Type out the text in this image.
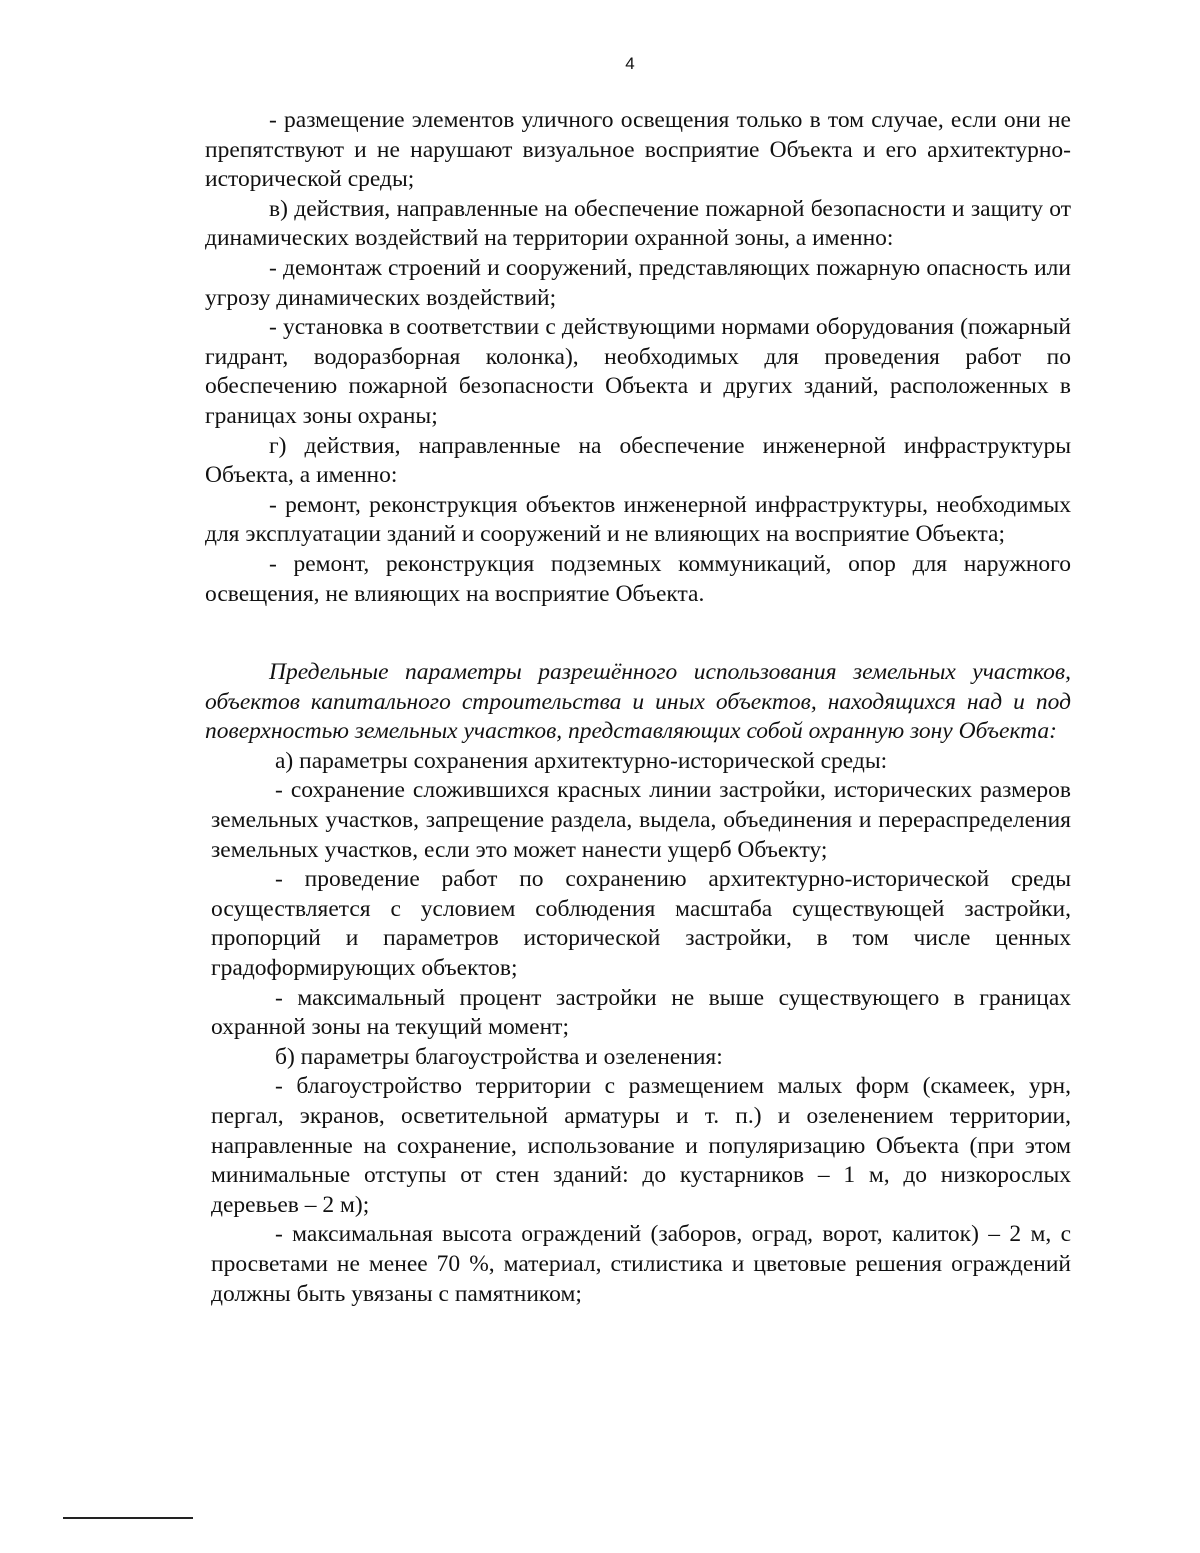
4

- размещение элементов уличного освещения только в том случае, если они не препятствуют и не нарушают визуальное восприятие Объекта и его архитектурно-исторической среды;

в) действия, направленные на обеспечение пожарной безопасности и защиту от динамических воздействий на территории охранной зоны, а именно:

- демонтаж строений и сооружений, представляющих пожарную опасность или угрозу динамических воздействий;

- установка в соответствии с действующими нормами оборудования (пожарный гидрант, водоразборная колонка), необходимых для проведения работ по обеспечению пожарной безопасности Объекта и других зданий, расположенных в границах зоны охраны;

г) действия, направленные на обеспечение инженерной инфраструктуры Объекта, а именно:

- ремонт, реконструкция объектов инженерной инфраструктуры, необходимых для эксплуатации зданий и сооружений и не влияющих на восприятие Объекта;

- ремонт, реконструкция подземных коммуникаций, опор для наружного освещения, не влияющих на восприятие Объекта.

Предельные параметры разрешённого использования земельных участков, объектов капитального строительства и иных объектов, находящихся над и под поверхностью земельных участков, представляющих собой охранную зону Объекта:

а) параметры сохранения архитектурно-исторической среды:

- сохранение сложившихся красных линии застройки, исторических размеров земельных участков, запрещение раздела, выдела, объединения и перераспределения земельных участков, если это может нанести ущерб Объекту;

- проведение работ по сохранению архитектурно-исторической среды осуществляется с условием соблюдения масштаба существующей застройки, пропорций и параметров исторической застройки, в том числе ценных градоформирующих объектов;

- максимальный процент застройки не выше существующего в границах охранной зоны на текущий момент;

б) параметры благоустройства и озеленения:

- благоустройство территории с размещением малых форм (скамеек, урн, пергал, экранов, осветительной арматуры и т. п.) и озеленением территории, направленные на сохранение, использование и популяризацию Объекта (при этом минимальные отступы от стен зданий: до кустарников – 1 м, до низкорослых деревьев – 2 м);

- максимальная высота ограждений (заборов, оград, ворот, калиток) – 2 м, с просветами не менее 70 %, материал, стилистика и цветовые решения ограждений должны быть увязаны с памятником;
